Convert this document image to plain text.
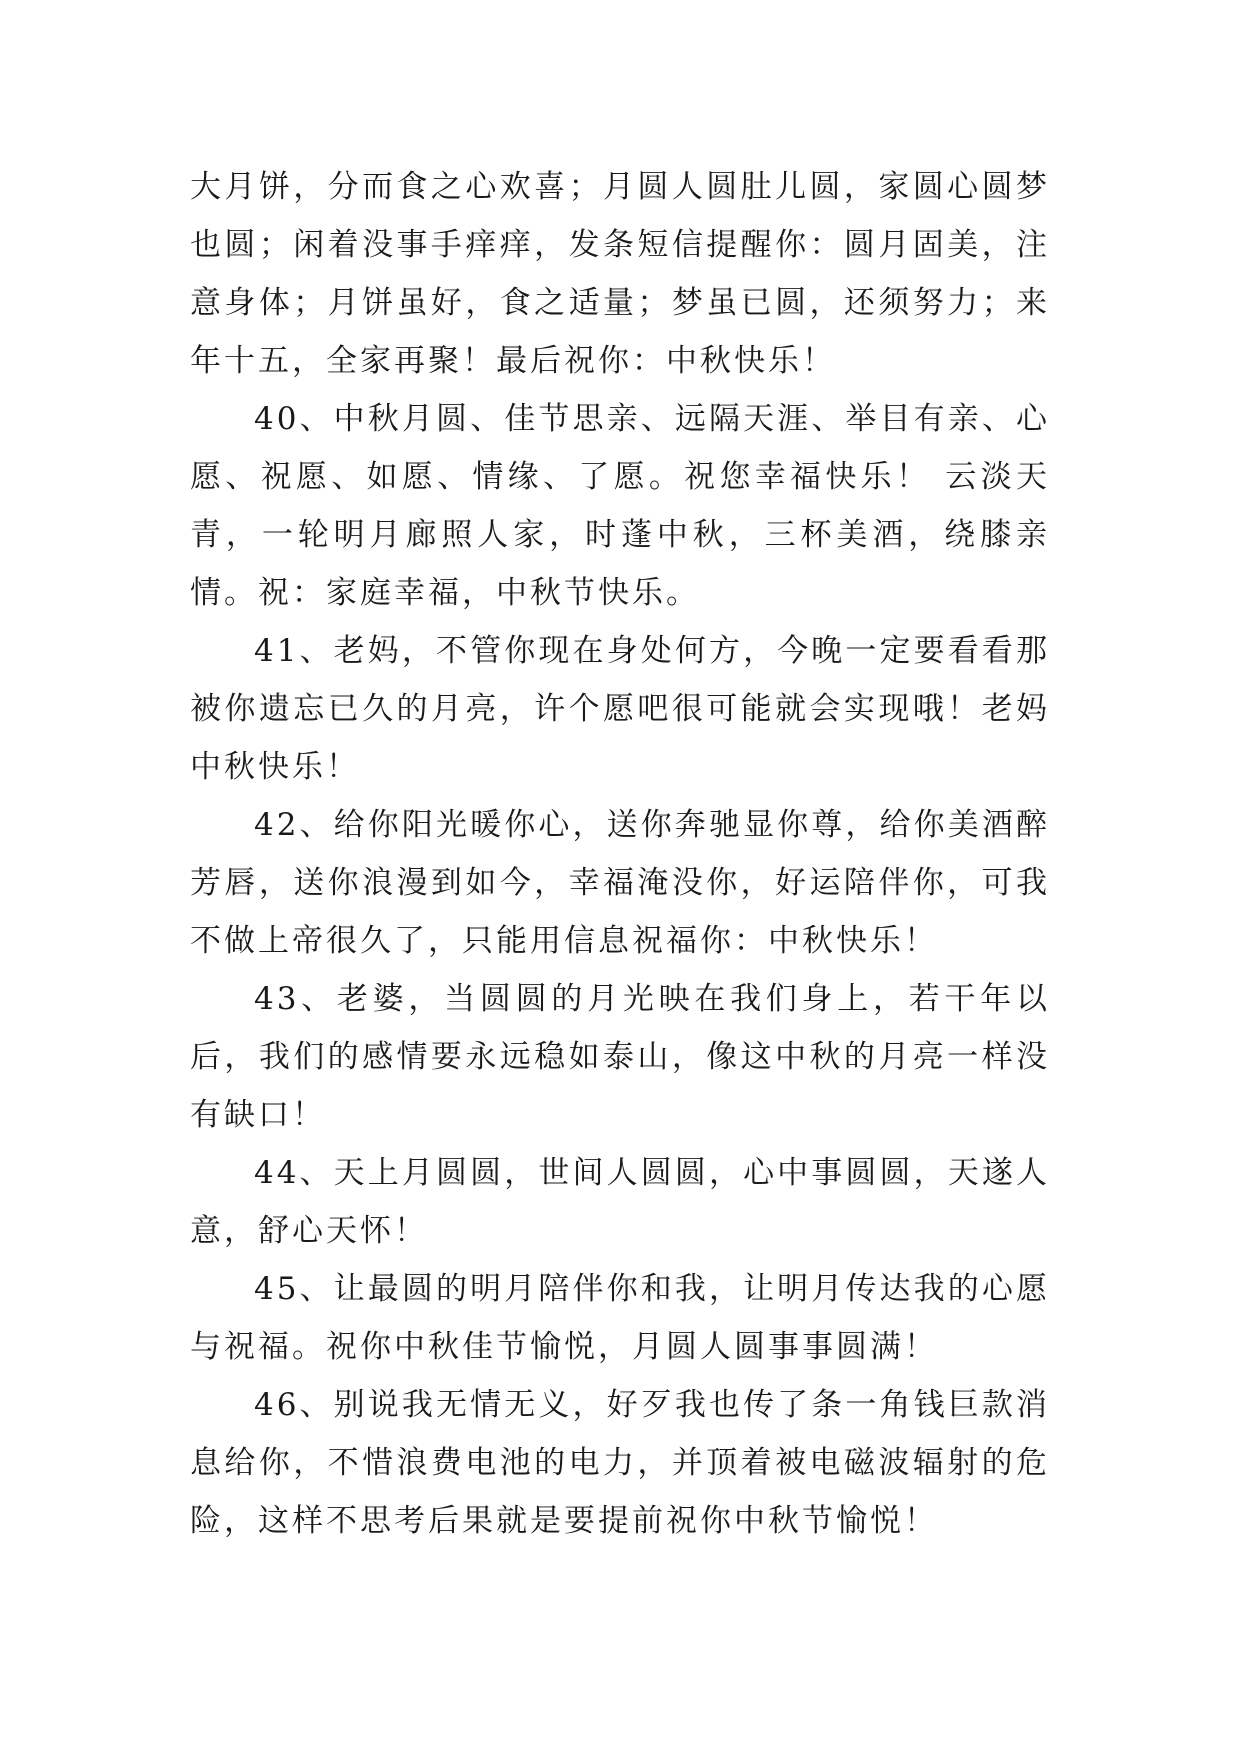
大月饼，分而食之心欢喜；月圆人圆肚儿圆，家圆心圆梦也圆；闲着没事手痒痒，发条短信提醒你：圆月固美，注意身体；月饼虽好，食之适量；梦虽已圆，还须努力；来年十五，全家再聚！最后祝你：中秋快乐！

40、中秋月圆、佳节思亲、远隔天涯、举目有亲、心愿、祝愿、如愿、情缘、了愿。祝您幸福快乐！ 云淡天青，一轮明月廊照人家，时蓬中秋，三杯美酒，绕膝亲情。祝：家庭幸福，中秋节快乐。

41、老妈，不管你现在身处何方，今晚一定要看看那被你遗忘已久的月亮，许个愿吧很可能就会实现哦！老妈中秋快乐！

42、给你阳光暖你心，送你奔驰显你尊，给你美酒醉芳唇，送你浪漫到如今，幸福淹没你，好运陪伴你，可我不做上帝很久了，只能用信息祝福你：中秋快乐！

43、老婆，当圆圆的月光映在我们身上，若干年以后，我们的感情要永远稳如泰山，像这中秋的月亮一样没有缺口！

44、天上月圆圆，世间人圆圆，心中事圆圆，天遂人意，舒心天怀！

45、让最圆的明月陪伴你和我，让明月传达我的心愿与祝福。祝你中秋佳节愉悦，月圆人圆事事圆满！

46、别说我无情无义，好歹我也传了条一角钱巨款消息给你，不惜浪费电池的电力，并顶着被电磁波辐射的危险，这样不思考后果就是要提前祝你中秋节愉悦！
